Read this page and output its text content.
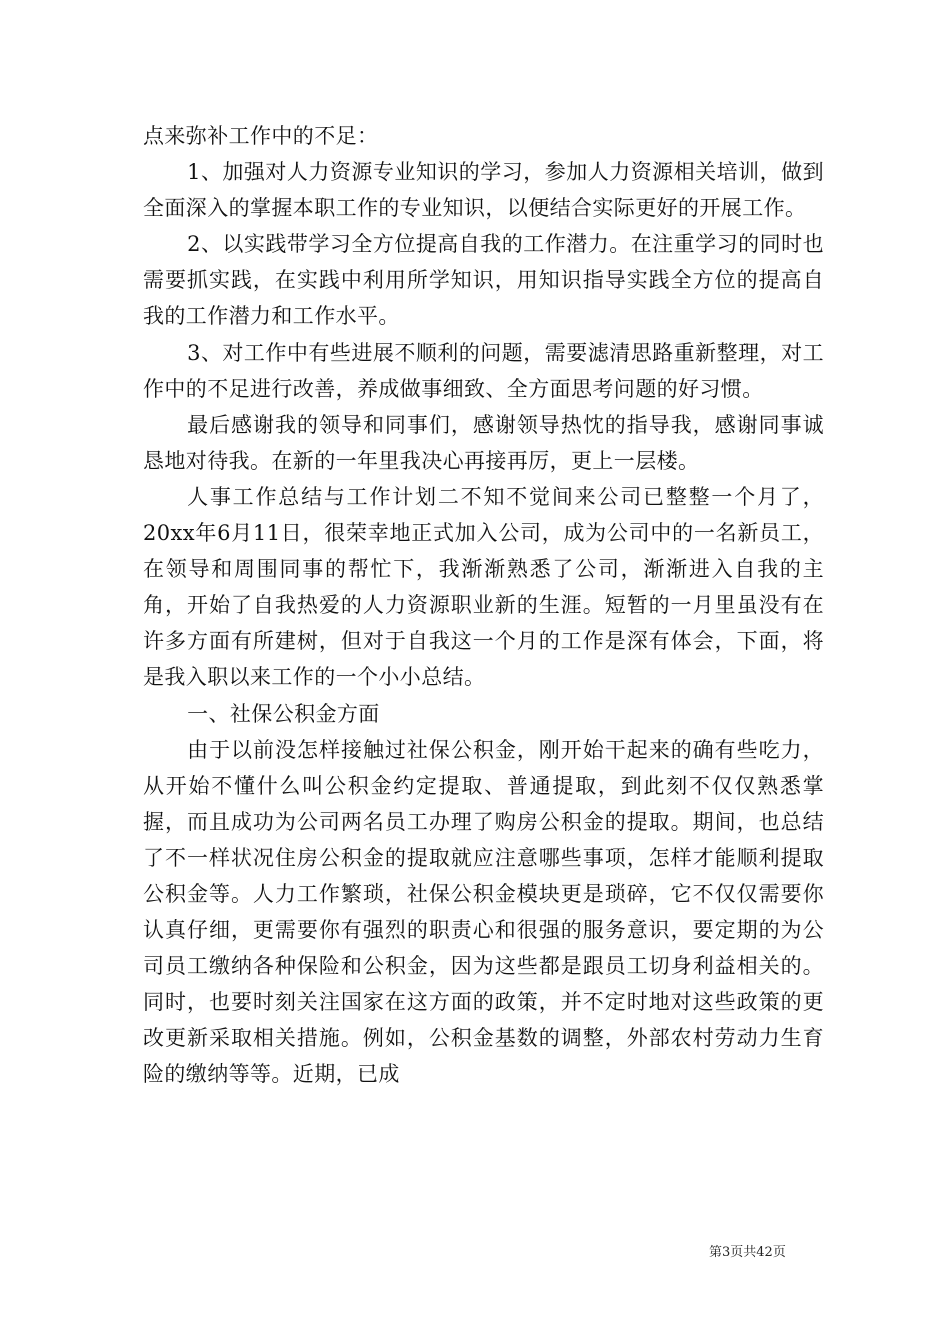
点来弥补工作中的不足：

1、加强对人力资源专业知识的学习，参加人力资源相关培训，做到全面深入的掌握本职工作的专业知识，以便结合实际更好的开展工作。

2、以实践带学习全方位提高自我的工作潜力。在注重学习的同时也需要抓实践，在实践中利用所学知识，用知识指导实践全方位的提高自我的工作潜力和工作水平。

3、对工作中有些进展不顺利的问题，需要滤清思路重新整理，对工作中的不足进行改善，养成做事细致、全方面思考问题的好习惯。

最后感谢我的领导和同事们，感谢领导热忱的指导我，感谢同事诚恳地对待我。在新的一年里我决心再接再厉，更上一层楼。

人事工作总结与工作计划二不知不觉间来公司已整整一个月了，20xx年6月11日，很荣幸地正式加入公司，成为公司中的一名新员工，在领导和周围同事的帮忙下，我渐渐熟悉了公司，渐渐进入自我的主角，开始了自我热爱的人力资源职业新的生涯。短暂的一月里虽没有在许多方面有所建树，但对于自我这一个月的工作是深有体会，下面，将是我入职以来工作的一个小小总结。

一、社保公积金方面

由于以前没怎样接触过社保公积金，刚开始干起来的确有些吃力，从开始不懂什么叫公积金约定提取、普通提取，到此刻不仅仅熟悉掌握，而且成功为公司两名员工办理了购房公积金的提取。期间，也总结了不一样状况住房公积金的提取就应注意哪些事项，怎样才能顺利提取公积金等。人力工作繁琐，社保公积金模块更是琐碎，它不仅仅需要你认真仔细，更需要你有强烈的职责心和很强的服务意识，要定期的为公司员工缴纳各种保险和公积金，因为这些都是跟员工切身利益相关的。同时，也要时刻关注国家在这方面的政策，并不定时地对这些政策的更改更新采取相关措施。例如，公积金基数的调整，外部农村劳动力生育险的缴纳等等。近期，已成

第3页共42页
